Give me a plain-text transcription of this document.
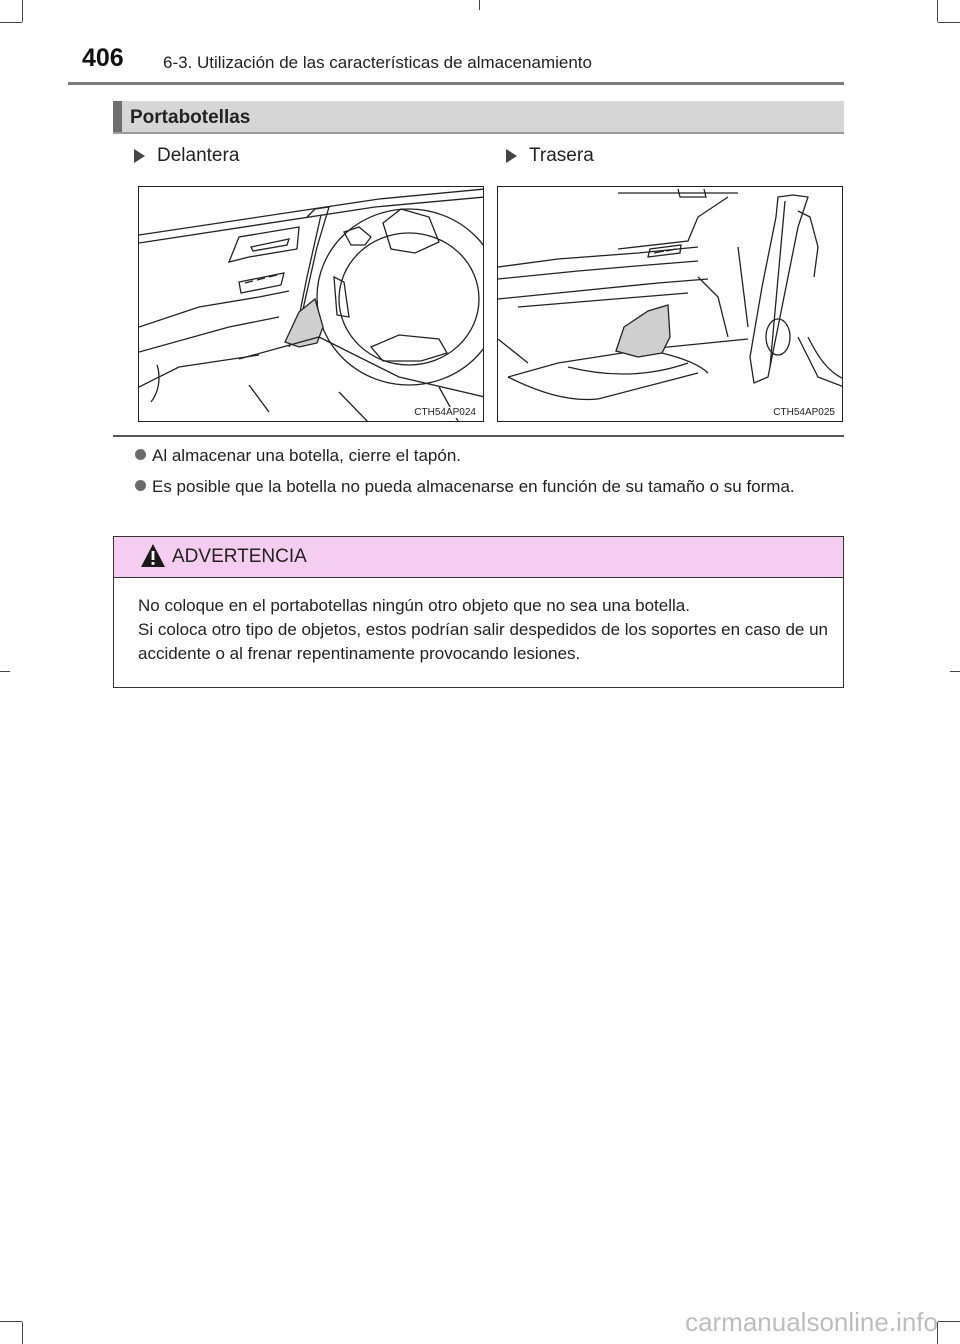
406 6-3. Utilización de las características de almacenamiento
Portabotellas
Delantera	Trasera
CTH54AP024	CTH54AP025
Al almacenar una botella, cierre el tapón.
Es posible que la botella no pueda almacenarse en función de su tamaño o su forma.
ADVERTENCIA
No coloque en el portabotellas ningún otro objeto que no sea una botella.
Si coloca otro tipo de objetos, estos podrían salir despedidos de los soportes en caso de un accidente o al frenar repentinamente provocando lesiones.
carmanualsonline.info
